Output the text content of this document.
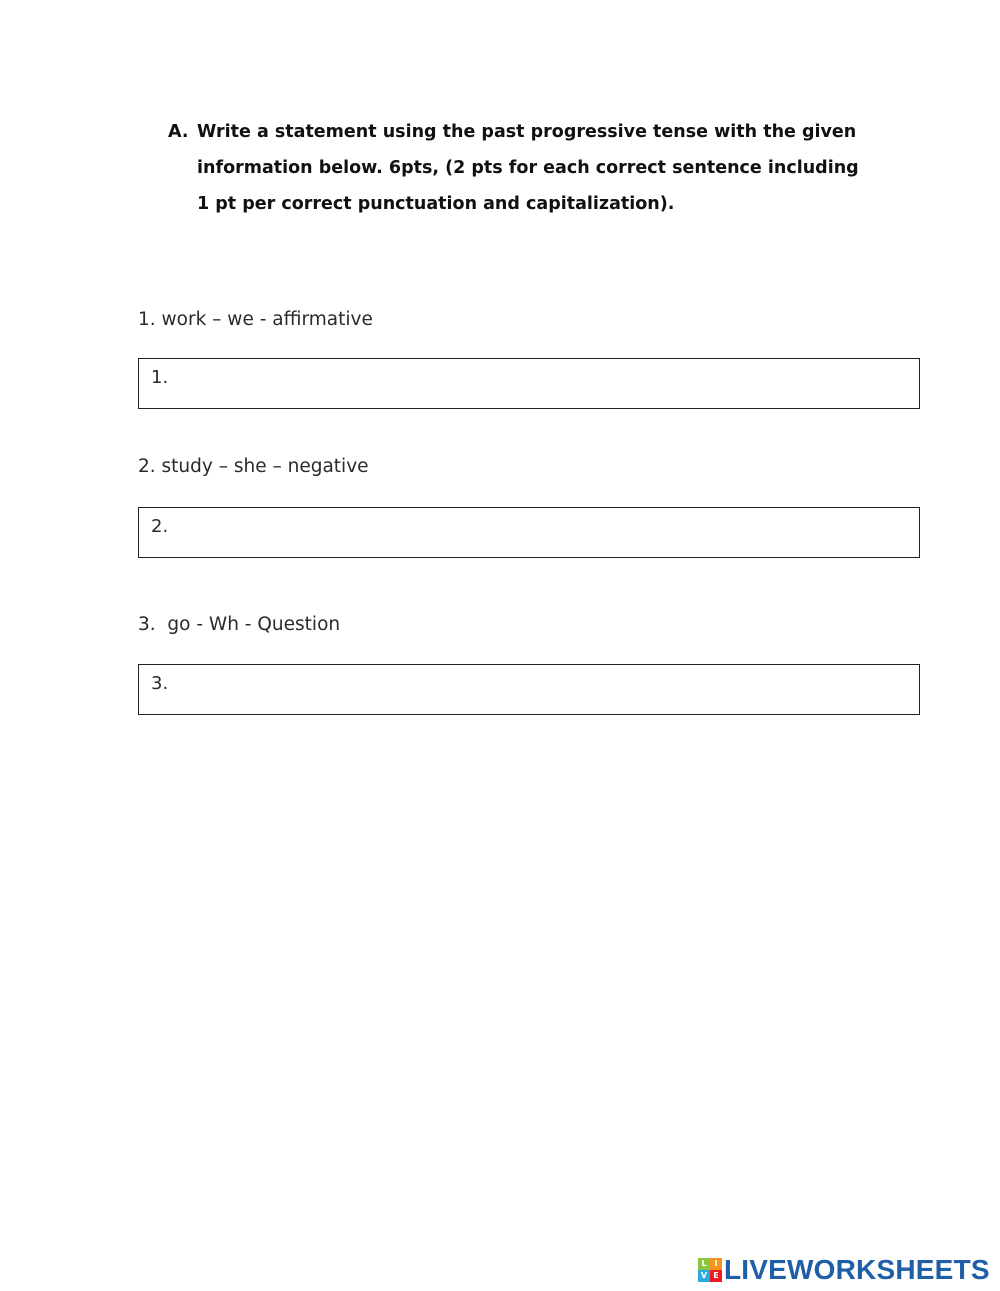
A. Write a statement using the past progressive tense with the given information below. 6pts, (2 pts for each correct sentence including 1 pt per correct punctuation and capitalization).
1. work – we - affirmative
1.
2. study – she – negative
2.
3.  go - Wh - Question
3.
L I
V E LIVEWORKSHEETS
